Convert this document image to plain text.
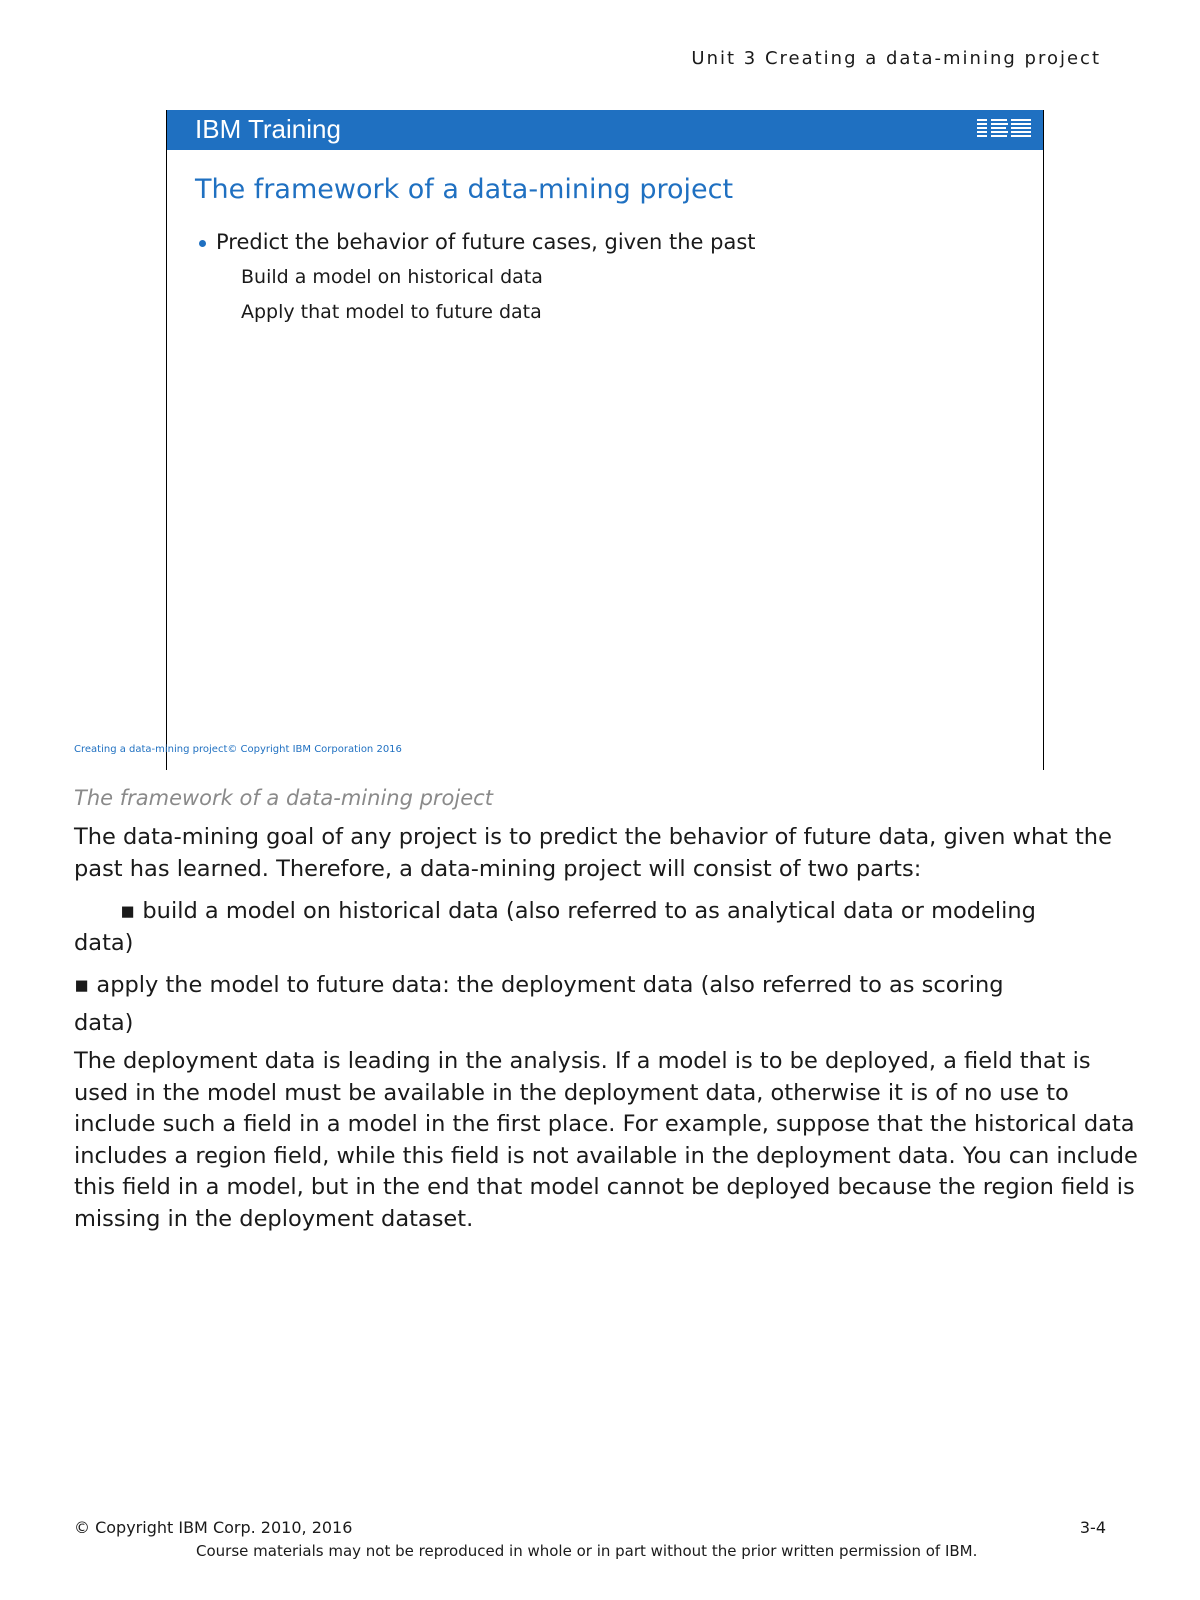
Unit 3 Creating a data-mining project
IBM Training
The framework of a data-mining project
Predict the behavior of future cases, given the past
Build a model on historical data
Apply that model to future data
Creating a data-mining project© Copyright IBM Corporation 2016
The framework of a data-mining project
The data-mining goal of any project is to predict the behavior of future data, given what the past has learned. Therefore, a data-mining project will consist of two parts:
▪ build a model on historical data (also referred to as analytical data or modeling
data)
▪ apply the model to future data: the deployment data (also referred to as scoring
data)
The deployment data is leading in the analysis. If a model is to be deployed, a field that is used in the model must be available in the deployment data, otherwise it is of no use to include such a field in a model in the first place. For example, suppose that the historical data includes a region field, while this field is not available in the deployment data. You can include this field in a model, but in the end that model cannot be deployed because the region field is missing in the deployment dataset.
© Copyright IBM Corp. 2010, 2016	3-4
Course materials may not be reproduced in whole or in part without the prior written permission of IBM.
